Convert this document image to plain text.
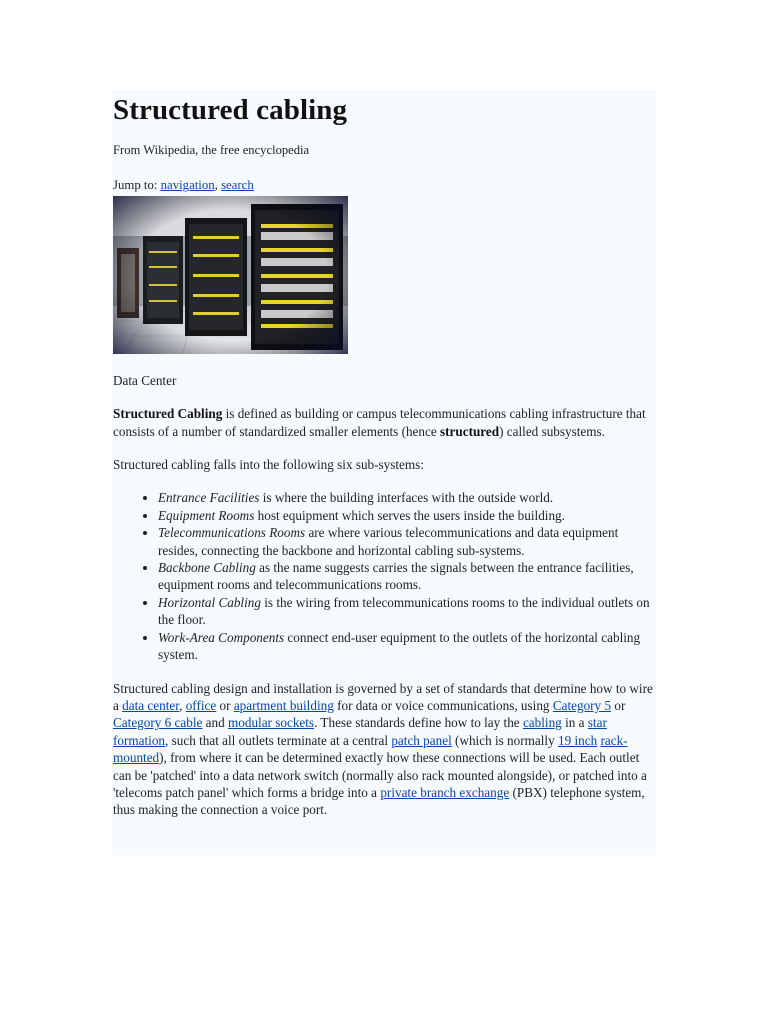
Structured cabling
From Wikipedia, the free encyclopedia
Jump to: navigation, search
Data Center

Structured Cabling is defined as building or campus telecommunications cabling infrastructure that consists of a number of standardized smaller elements (hence structured) called subsystems.

Structured cabling falls into the following six sub-systems:

• Entrance Facilities is where the building interfaces with the outside world.
• Equipment Rooms host equipment which serves the users inside the building.
• Telecommunications Rooms are where various telecommunications and data equipment resides, connecting the backbone and horizontal cabling sub-systems.
• Backbone Cabling as the name suggests carries the signals between the entrance facilities, equipment rooms and telecommunications rooms.
• Horizontal Cabling is the wiring from telecommunications rooms to the individual outlets on the floor.
• Work-Area Components connect end-user equipment to the outlets of the horizontal cabling system.

Structured cabling design and installation is governed by a set of standards that determine how to wire a data center, office or apartment building for data or voice communications, using Category 5 or Category 6 cable and modular sockets. These standards define how to lay the cabling in a star formation, such that all outlets terminate at a central patch panel (which is normally 19 inch rack-mounted), from where it can be determined exactly how these connections will be used. Each outlet can be 'patched' into a data network switch (normally also rack mounted alongside), or patched into a 'telecoms patch panel' which forms a bridge into a private branch exchange (PBX) telephone system, thus making the connection a voice port.
